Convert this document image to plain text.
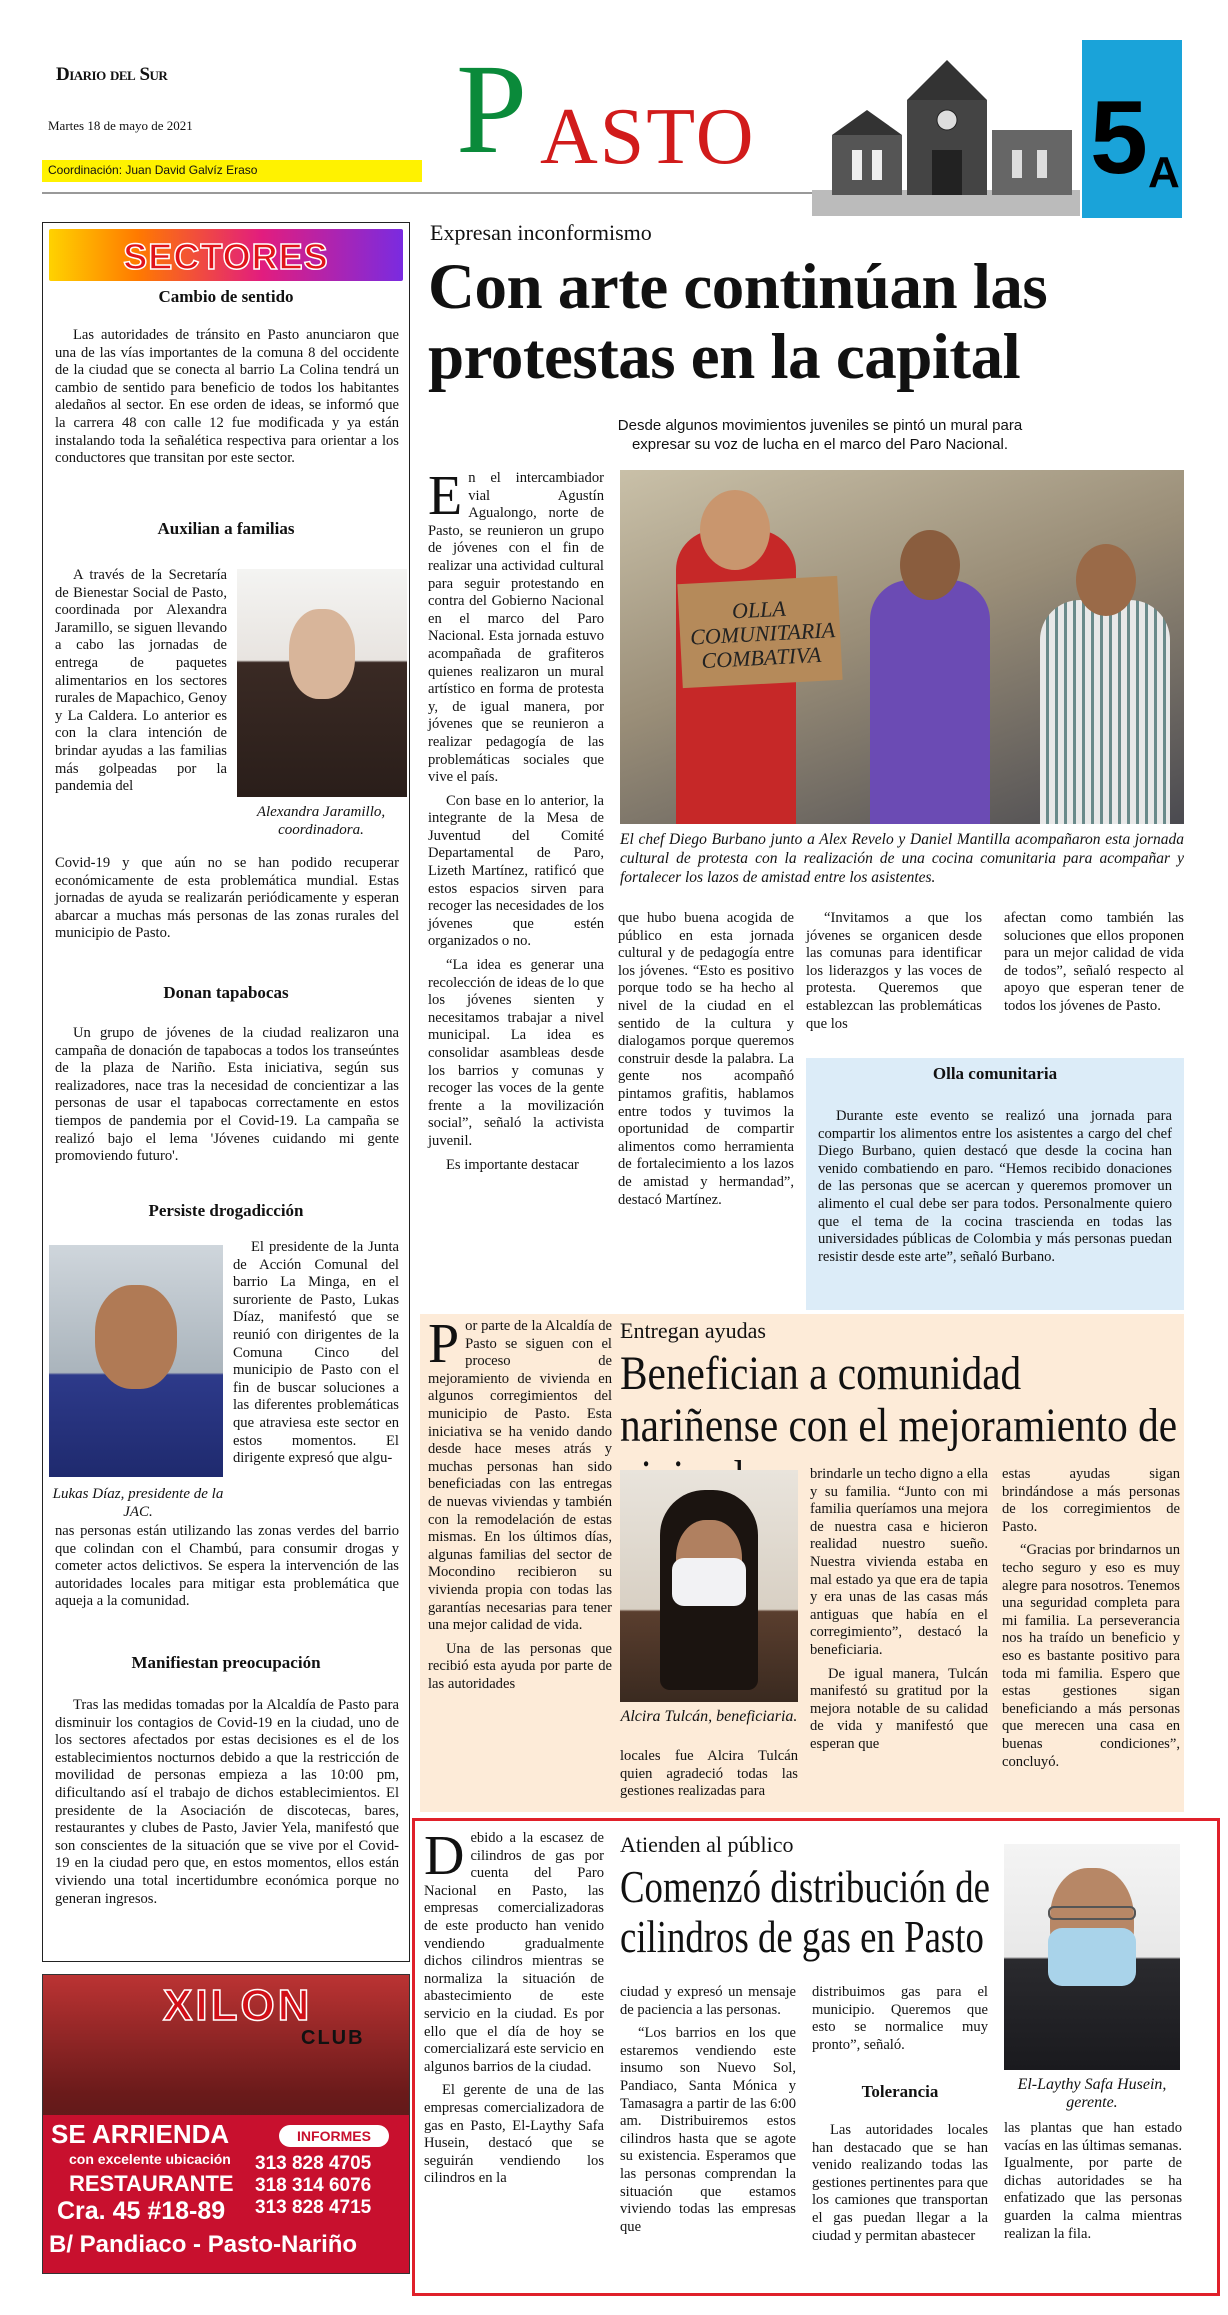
Diario del Sur
Martes 18 de mayo de 2021
Coordinación: Juan David Galvíz Eraso	ASTO
P	5 A
SECTORES
Cambio de sentido

Las autoridades de tránsito en Pasto anunciaron que una de las vías importantes de la comuna 8 del occidente de la ciudad que se conecta al barrio La Colina tendrá un cambio de sentido para beneficio de todos los habitantes aledaños al sector. En ese orden de ideas, se informó que la carrera 48 con calle 12 fue modificada y ya están instalando toda la señalética respectiva para orientar a los conductores que transitan por este sector.

Auxilian a familias

A través de la Secretaría de Bienestar Social de Pasto, coordinada por Alexandra Jaramillo, se siguen llevando a cabo las jornadas de entrega de paquetes alimentarios en los sectores rurales de Mapachico, Genoy y La Caldera. Lo anterior es con la clara intención de brindar ayudas a las familias más golpeadas por la pandemia del

Alexandra Jaramillo, coordinadora.

Covid-19 y que aún no se han podido recuperar económicamente de esta problemática mundial. Estas jornadas de ayuda se realizarán periódicamente y esperan abarcar a muchas más personas de las zonas rurales del municipio de Pasto.

Donan tapabocas

Un grupo de jóvenes de la ciudad realizaron una campaña de donación de tapabocas a todos los transeúntes de la plaza de Nariño. Esta iniciativa, según sus realizadores, nace tras la necesidad de concientizar a las personas de usar el tapabocas correctamente en estos tiempos de pandemia por el Covid-19. La campaña se realizó bajo el lema 'Jóvenes cuidando mi gente promoviendo futuro'.

Persiste drogadicción
Lukas Díaz, presidente de la JAC.

El presidente de la Junta de Acción Comunal del barrio La Minga, en el suroriente de Pasto, Lukas Díaz, manifestó que se reunió con dirigentes de la Comuna Cinco del municipio de Pasto con el fin de buscar soluciones a las diferentes problemáticas que atraviesa este sector en estos momentos. El dirigente expresó que algu-

nas personas están utilizando las zonas verdes del barrio que colindan con el Chambú, para consumir drogas y cometer actos delictivos. Se espera la intervención de las autoridades locales para mitigar esta problemática que aqueja a la comunidad.

Manifiestan preocupación

Tras las medidas tomadas por la Alcaldía de Pasto para disminuir los contagios de Covid-19 en la ciudad, uno de los sectores afectados por estas decisiones es el de los establecimientos nocturnos debido a que la restricción de movilidad de personas empieza a las 10:00 pm, dificultando así el trabajo de dichos establecimientos. El presidente de la Asociación de discotecas, bares, restaurantes y clubes de Pasto, Javier Yela, manifestó que son conscientes de la situación que se vive por el Covid-19 en la ciudad pero que, en estos momentos, ellos están viviendo una total incertidumbre económica porque no generan ingresos.

XILON
CLUB
SE ARRIENDA
con excelente ubicación
RESTAURANTE
Cra. 45 #18-89
B/ Pandiaco - Pasto-Nariño
INFORMES
313 828 4705
318 314 6076
313 828 4715
Expresan inconformismo
Con arte continúan las protestas en la capital
Desde algunos movimientos juveniles se pintó un mural para expresar su voz de lucha en el marco del Paro Nacional.

En el intercambiador vial Agustín Agualongo, norte de Pasto, se reunieron un grupo de jóvenes con el fin de realizar una actividad cultural para seguir protestando en contra del Gobierno Nacional en el marco del Paro Nacional. Esta jornada estuvo acompañada de grafiteros quienes realizaron un mural artístico en forma de protesta y, de igual manera, por jóvenes que se reunieron a realizar pedagogía de las problemáticas sociales que vive el país.

Con base en lo anterior, la integrante de la Mesa de Juventud del Comité Departamental de Paro, Lizeth Martínez, ratificó que estos espacios sirven para recoger las necesidades de los jóvenes que estén organizados o no.

“La idea es generar una recolección de ideas de lo que los jóvenes sienten y necesitamos trabajar a nivel municipal. La idea es consolidar asambleas desde los barrios y comunas y recoger las voces de la gente frente a la movilización social”, señaló la activista juvenil.

Es importante destacar

OLLA COMUNITARIA COMBATIVA
El chef Diego Burbano junto a Alex Revelo y Daniel Mantilla acompañaron esta jornada cultural de protesta con la realización de una cocina comunitaria para acompañar y fortalecer los lazos de amistad entre los asistentes.

que hubo buena acogida de público en esta jornada cultural y de pedagogía entre los jóvenes. “Esto es positivo porque todo se ha hecho al nivel de la ciudad en el sentido de la cultura y dialogamos porque queremos construir desde la palabra. La gente nos acompañó pintamos grafitis, hablamos entre todos y tuvimos la oportunidad de compartir alimentos como herramienta de fortalecimiento a los lazos de amistad y hermandad”, destacó Martínez.

“Invitamos a que los jóvenes se organicen desde las comunas para identificar los liderazgos y las voces de protesta. Queremos que establezcan las problemáticas que los

afectan como también las soluciones que ellos proponen para un mejor calidad de vida de todos”, señaló respecto al apoyo que esperan tener de todos los jóvenes de Pasto.

Olla comunitaria

Durante este evento se realizó una jornada para compartir los alimentos entre los asistentes a cargo del chef Diego Burbano, quien destacó que desde la cocina han venido combatiendo en paro. “Hemos recibido donaciones de las personas que se acercan y queremos promover un alimento el cual debe ser para todos. Personalmente quiero que el tema de la cocina trascienda en todas las universidades públicas de Colombia y más personas puedan resistir desde este arte”, señaló Burbano.

Por parte de la Alcaldía de Pasto se siguen con el proceso de mejoramiento de vivienda en algunos corregimientos del municipio de Pasto. Esta iniciativa se ha venido dando desde hace meses atrás y muchas personas han sido beneficiadas con las entregas de nuevas viviendas y también con la remodelación de estas mismas. En los últimos días, algunas familias del sector de Mocondino recibieron su vivienda propia con todas las garantías necesarias para tener una mejor calidad de vida.

Una de las personas que recibió esta ayuda por parte de las autoridades

Entregan ayudas
Benefician a comunidad nariñense con el mejoramiento de
Alcira Tulcán, beneficiaria.

locales fue Alcira Tulcán quien agradeció todas las gestiones realizadas para

brindarle un techo digno a ella y su familia. “Junto con mi familia queríamos una mejora de nuestra casa e hicieron realidad nuestro sueño. Nuestra vivienda estaba en mal estado ya que era de tapia y era unas de las casas más antiguas que había en el corregimiento”, destacó la beneficiaria.

De igual manera, Tulcán manifestó su gratitud por la mejora notable de su calidad de vida y manifestó que esperan que

estas ayudas sigan brindándose a más personas de los corregimientos de Pasto.

“Gracias por brindarnos un techo seguro y eso es muy alegre para nosotros. Tenemos una seguridad completa para mi familia. La perseverancia nos ha traído un beneficio y eso es bastante positivo para toda mi familia. Espero que estas gestiones sigan beneficiando a más personas que merecen una casa en buenas condiciones”, concluyó.

Debido a la escasez de cilindros de gas por cuenta del Paro Nacional en Pasto, las empresas comercializadoras de este producto han venido vendiendo gradualmente dichos cilindros mientras se normaliza la situación de abastecimiento de este servicio en la ciudad. Es por ello que el día de hoy se comercializará este servicio en algunos barrios de la ciudad.

El gerente de una de las empresas comercializadora de gas en Pasto, El-Laythy Safa Husein, destacó que se seguirán vendiendo los cilindros en la

Atienden al público
Comenzó distribución de cilindros de gas en Pasto

ciudad y expresó un mensaje de paciencia a las personas.

“Los barrios en los que estaremos vendiendo este insumo son Nuevo Sol, Pandiaco, Santa Mónica y Tamasagra a partir de las 6:00 am. Distribuiremos estos cilindros hasta que se agote su existencia. Esperamos que las personas comprendan la situación que estamos viviendo todas las empresas que

distribuimos gas para el municipio. Queremos que esto se normalice muy pronto”, señaló.

Tolerancia

Las autoridades locales han destacado que se han venido realizando todas las gestiones pertinentes para que los camiones que transportan el gas puedan llegar a la ciudad y permitan abastecer

El-Laythy Safa Husein, gerente.

las plantas que han estado vacías en las últimas semanas. Igualmente, por parte de dichas autoridades se ha enfatizado que las personas guarden la calma mientras realizan la fila.
